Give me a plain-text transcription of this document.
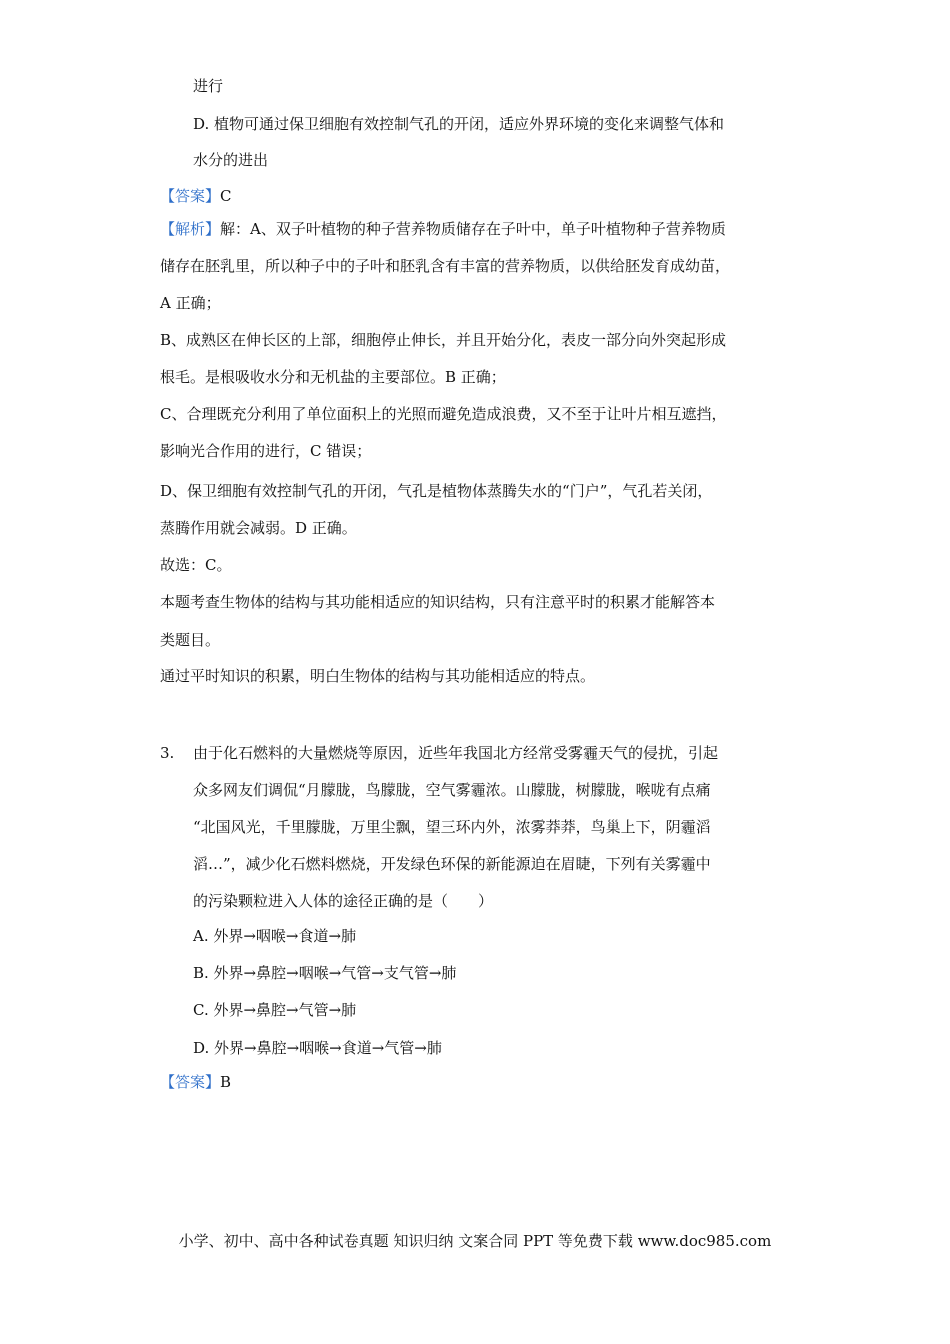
进行
D. 植物可通过保卫细胞有效控制气孔的开闭，适应外界环境的变化来调整气体和
水分的进出
【答案】C
【解析】解：A、双子叶植物的种子营养物质储存在子叶中，单子叶植物种子营养物质
储存在胚乳里，所以种子中的子叶和胚乳含有丰富的营养物质，以供给胚发育成幼苗，
A 正确；
B、成熟区在伸长区的上部，细胞停止伸长，并且开始分化，表皮一部分向外突起形成
根毛。是根吸收水分和无机盐的主要部位。B 正确；
C、合理既充分利用了单位面积上的光照而避免造成浪费，又不至于让叶片相互遮挡，
影响光合作用的进行，C 错误；
D、保卫细胞有效控制气孔的开闭，气孔是植物体蒸腾失水的“门户”，气孔若关闭，
蒸腾作用就会减弱。D 正确。
故选：C。
本题考查生物体的结构与其功能相适应的知识结构，只有注意平时的积累才能解答本
类题目。
通过平时知识的积累，明白生物体的结构与其功能相适应的特点。
3. 由于化石燃料的大量燃烧等原因，近些年我国北方经常受雾霾天气的侵扰，引起
众多网友们调侃“月朦胧，鸟朦胧，空气雾霾浓。山朦胧，树朦胧，喉咙有点痛
“北国风光，千里朦胧，万里尘飘，望三环内外，浓雾莽莽，鸟巢上下，阴霾滔
滔…”，减少化石燃料燃烧，开发绿色环保的新能源迫在眉睫，下列有关雾霾中
的污染颗粒进入人体的途径正确的是（　　）
A. 外界→咽喉→食道→肺
B. 外界→鼻腔→咽喉→气管→支气管→肺
C. 外界→鼻腔→气管→肺
D. 外界→鼻腔→咽喉→食道→气管→肺
【答案】B
小学、初中、高中各种试卷真题 知识归纳 文案合同 PPT 等免费下载 www.doc985.com
